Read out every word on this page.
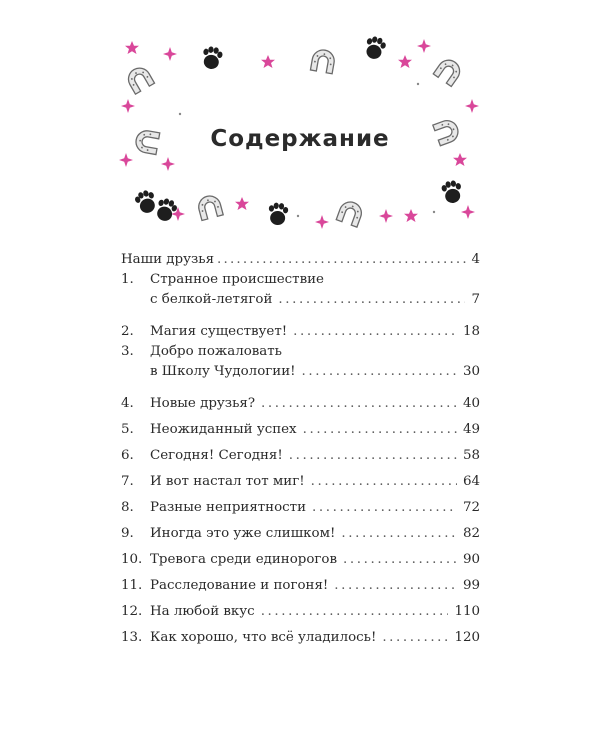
Содержание
Наши друзья .....	4
1.	Странное происшествие
с белкой-летягой .....	7
2.	Магия существует! .....	18
3.	Добро пожаловать
в Школу Чудологии! .....	30
4.	Новые друзья? .....	40
5.	Неожиданный успех .....	49
6.	Сегодня! Сегодня! .....	58
7.	И вот настал тот миг! .....	64
8.	Разные неприятности .....	72
9.	Иногда это уже слишком! .....	82
10. Тревога среди единорогов .....	90
11. Расследование и погоня! .....	99
12. На любой вкус .....	110
13. Как хорошо, что всё уладилось! .....	120
